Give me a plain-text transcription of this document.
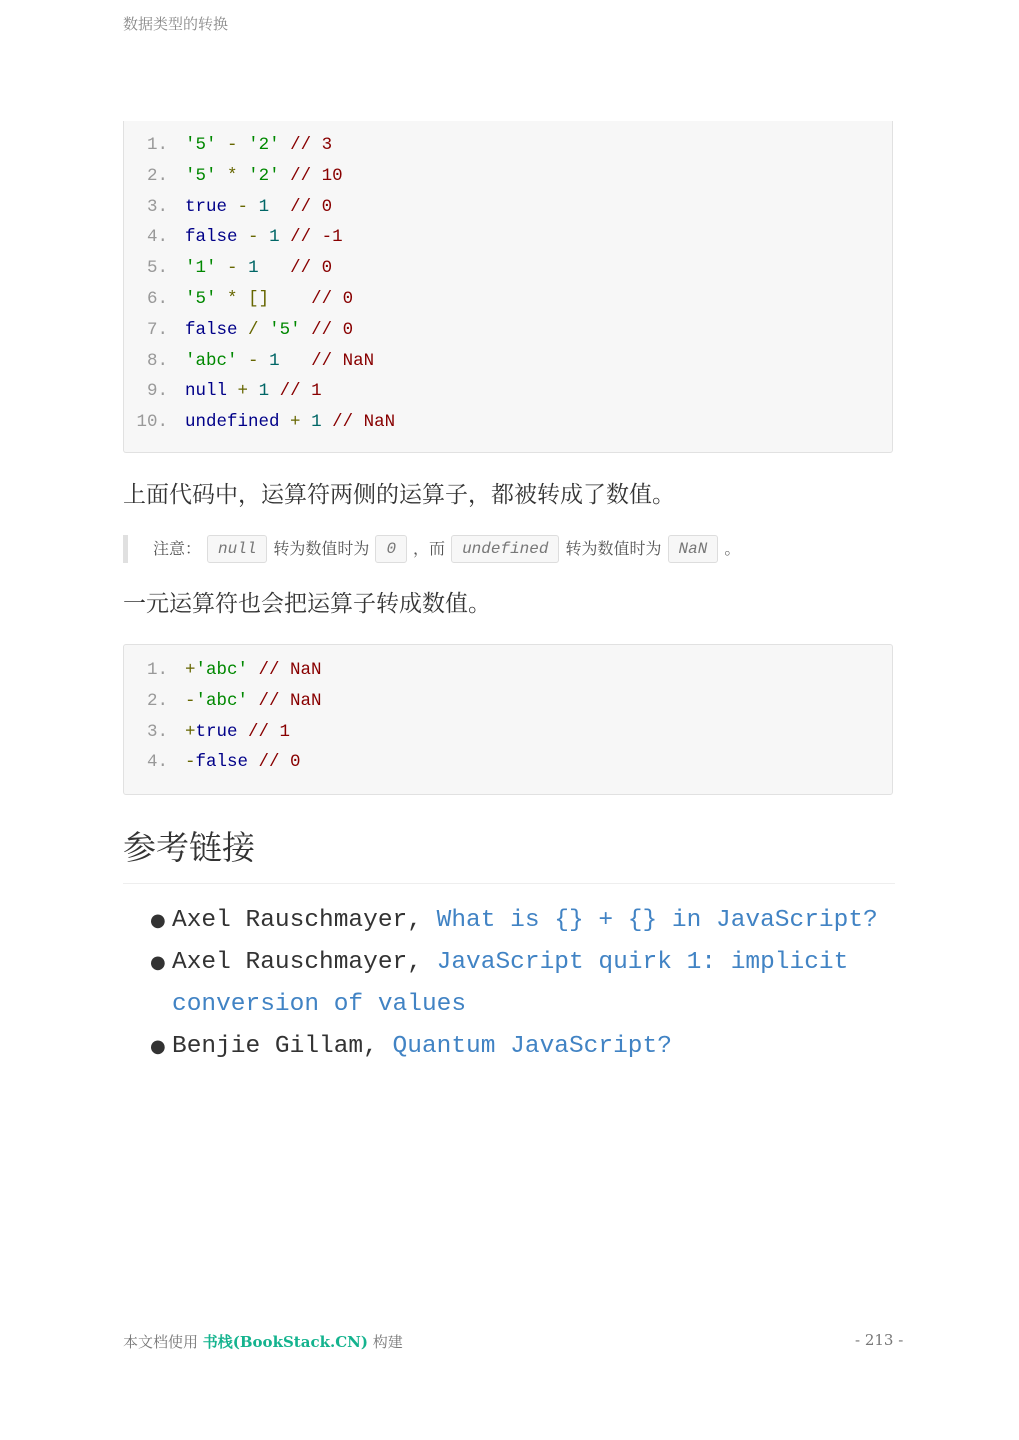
数据类型的转换
1. '5' - '2' // 3
2. '5' * '2' // 10
3. true - 1 // 0
4. false - 1 // -1
5. '1' - 1 // 0
6. '5' * [] // 0
7. false / '5' // 0
8. 'abc' - 1 // NaN
9. null + 1 // 1
10. undefined + 1 // NaN
上面代码中，运算符两侧的运算子，都被转成了数值。
注意：	null	转为数值时为	0	，而	undefined	转为数值时为	NaN	。
一元运算符也会把运算子转成数值。
1. +'abc' // NaN
2. -'abc' // NaN
3. +true // 1
4. -false // 0
参考链接
● Axel Rauschmayer, What is {} + {} in JavaScript?
● Axel Rauschmayer, JavaScript quirk 1: implicit conversion of values
● Benjie Gillam, Quantum JavaScript?
本文档使用 书栈(BookStack.CN) 构建	- 213 -
